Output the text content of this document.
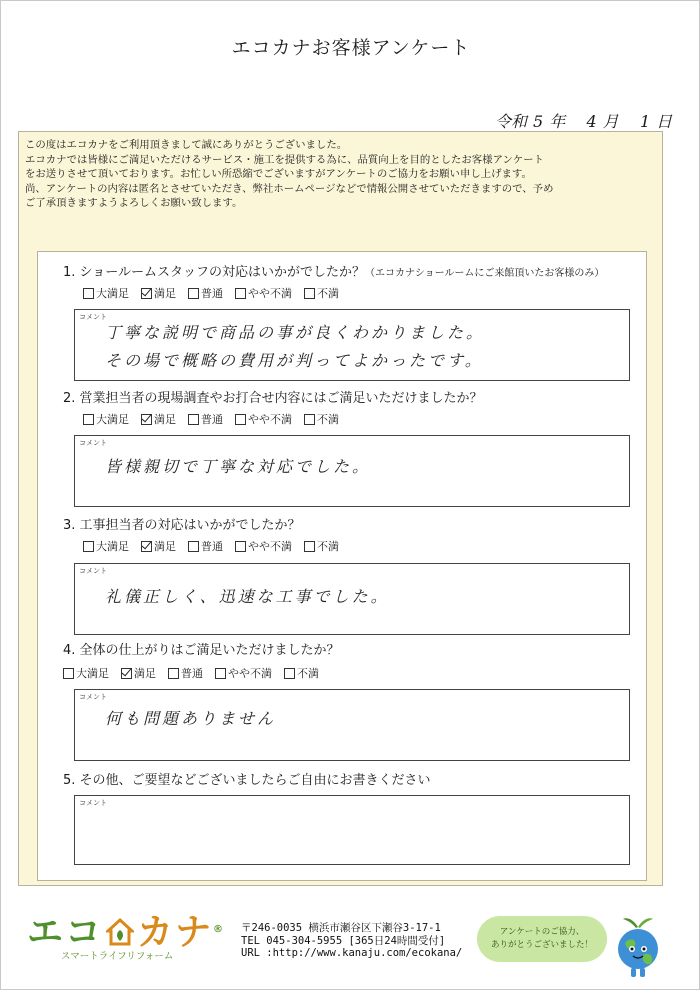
エコカナお客様アンケート
令和 5 年 4 月 1 日

この度はエコカナをご利用頂きまして誠にありがとうございました。

エコカナでは皆様にご満足いただけるサービス・施工を提供する為に、品質向上を目的としたお客様アンケート

をお送りさせて頂いております。お忙しい所恐縮でございますがアンケートのご協力をお願い申し上げます。

尚、アンケートの内容は匿名とさせていただき、弊社ホームページなどで情報公開させていただきますので、予め

ご了承頂きますようよろしくお願い致します。

1. ショールームスタッフの対応はいかがでしたか？（エコカナショールームにご来館頂いたお客様のみ）
大満足 満足 普通 やや不満 不満
コメント
丁寧な説明で商品の事が良くわかりました。
その場で概略の費用が判ってよかったです。
2. 営業担当者の現場調査やお打合せ内容にはご満足いただけましたか？
大満足 満足 普通 やや不満 不満
コメント
皆様親切で丁寧な対応でした。
3. 工事担当者の対応はいかがでしたか？
大満足 満足 普通 やや不満 不満
コメント
礼儀正しく、迅速な工事でした。
4. 全体の仕上がりはご満足いただけましたか？
大満足 満足 普通 やや不満 不満
コメント
何も問題ありません
5. その他、ご要望などございましたらご自由にお書きください
コメント
エコ カナ ®
スマートライフリフォーム
〒246-0035 横浜市瀬谷区下瀬谷3-17-1
TEL 045-304-5955 [365日24時間受付]
URL :http://www.kanaju.com/ecokana/
アンケートのご協力、
ありがとうございました！
